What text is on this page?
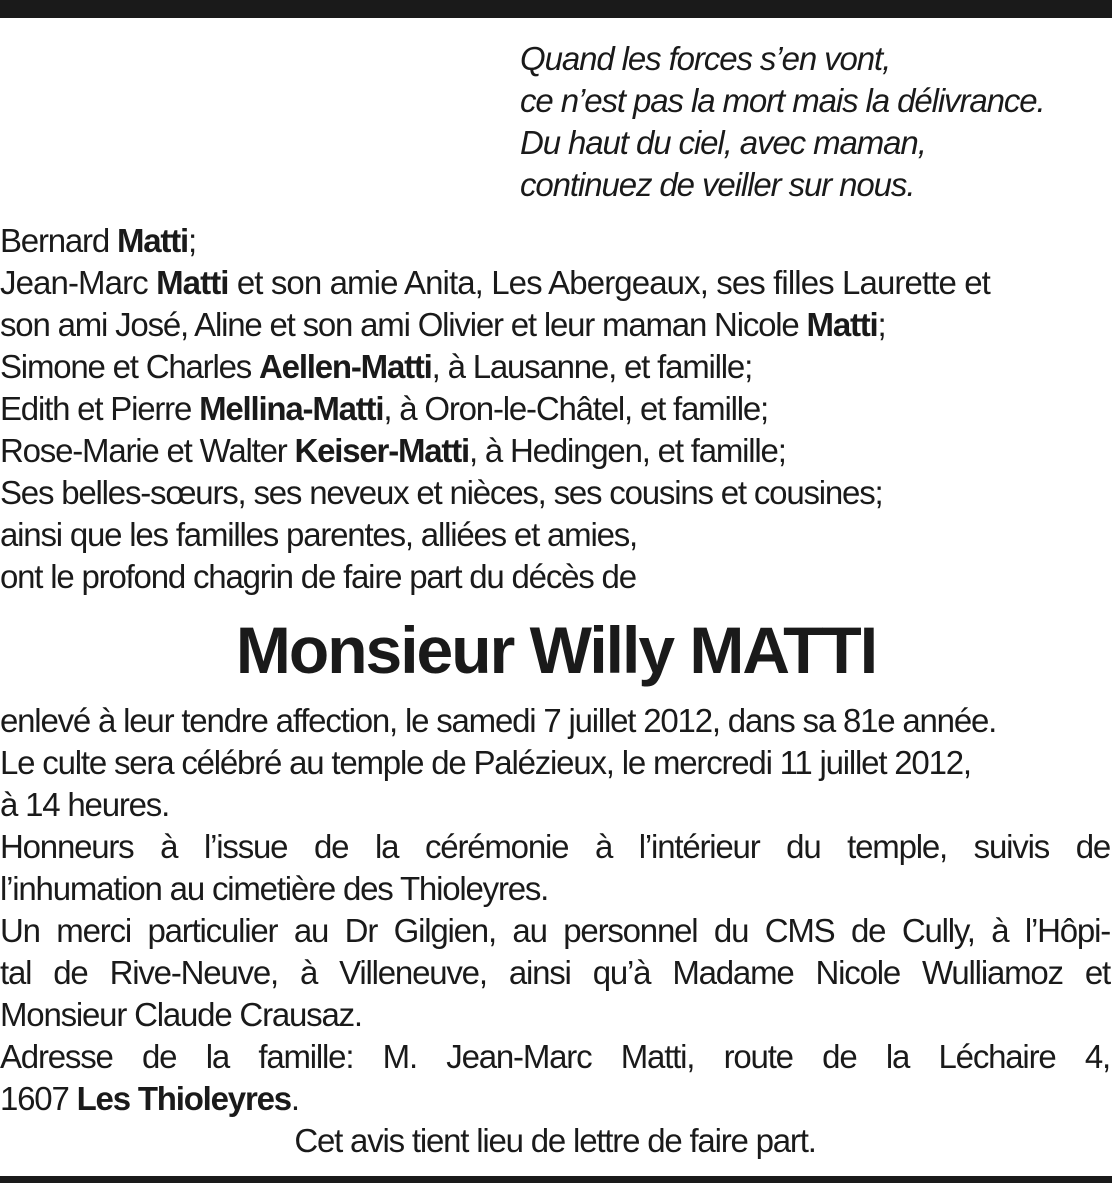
Quand les forces s’en vont,
ce n’est pas la mort mais la délivrance.
Du haut du ciel, avec maman,
continuez de veiller sur nous.
Bernard Matti;
Jean-Marc Matti et son amie Anita, Les Abergeaux, ses filles Laurette et
son ami José, Aline et son ami Olivier et leur maman Nicole Matti;
Simone et Charles Aellen-Matti, à Lausanne, et famille;
Edith et Pierre Mellina-Matti, à Oron-le-Châtel, et famille;
Rose-Marie et Walter Keiser-Matti, à Hedingen, et famille;
Ses belles-sœurs, ses neveux et nièces, ses cousins et cousines;
ainsi que les familles parentes, alliées et amies,
ont le profond chagrin de faire part du décès de
Monsieur Willy MATTI
enlevé à leur tendre affection, le samedi 7 juillet 2012, dans sa 81e année.
Le culte sera célébré au temple de Palézieux, le mercredi 11 juillet 2012,
à 14 heures.
Honneurs à l’issue de la cérémonie à l’intérieur du temple, suivis de
l’inhumation au cimetière des Thioleyres.
Un merci particulier au Dr Gilgien, au personnel du CMS de Cully, à l’Hôpi-
tal de Rive-Neuve, à Villeneuve, ainsi qu’à Madame Nicole Wulliamoz et
Monsieur Claude Crausaz.
Adresse de la famille: M. Jean-Marc Matti, route de la Léchaire 4,
1607 Les Thioleyres.
Cet avis tient lieu de lettre de faire part.
